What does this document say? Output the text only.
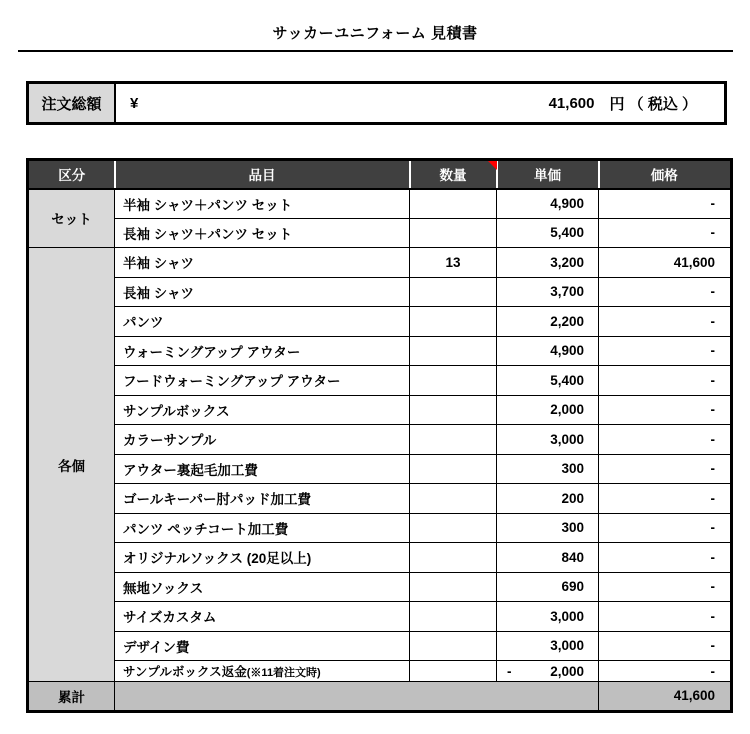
サッカーユニフォーム 見積書
注文総額	¥	41,600 円 （ 税込 ）
区分	品目	数量	単価	価格
セット	半袖 シャツ＋パンツ セット		4,900	-
	長袖 シャツ＋パンツ セット		5,400	-
各個	半袖 シャツ	13	3,200	41,600
	長袖 シャツ		3,700	-
	パンツ		2,200	-
	ウォーミングアップ アウター		4,900	-
	フードウォーミングアップ アウター		5,400	-
	サンプルボックス		2,000	-
	カラーサンプル		3,000	-
	アウター裏起毛加工費		300	-
	ゴールキーパー肘パッド加工費		200	-
	パンツ ペッチコート加工費		300	-
	オリジナルソックス (20足以上)		840	-
	無地ソックス		690	-
	サイズカスタム		3,000	-
	デザイン費		3,000	-
	サンプルボックス返金(※11着注文時)		- 2,000	-
累計				41,600
